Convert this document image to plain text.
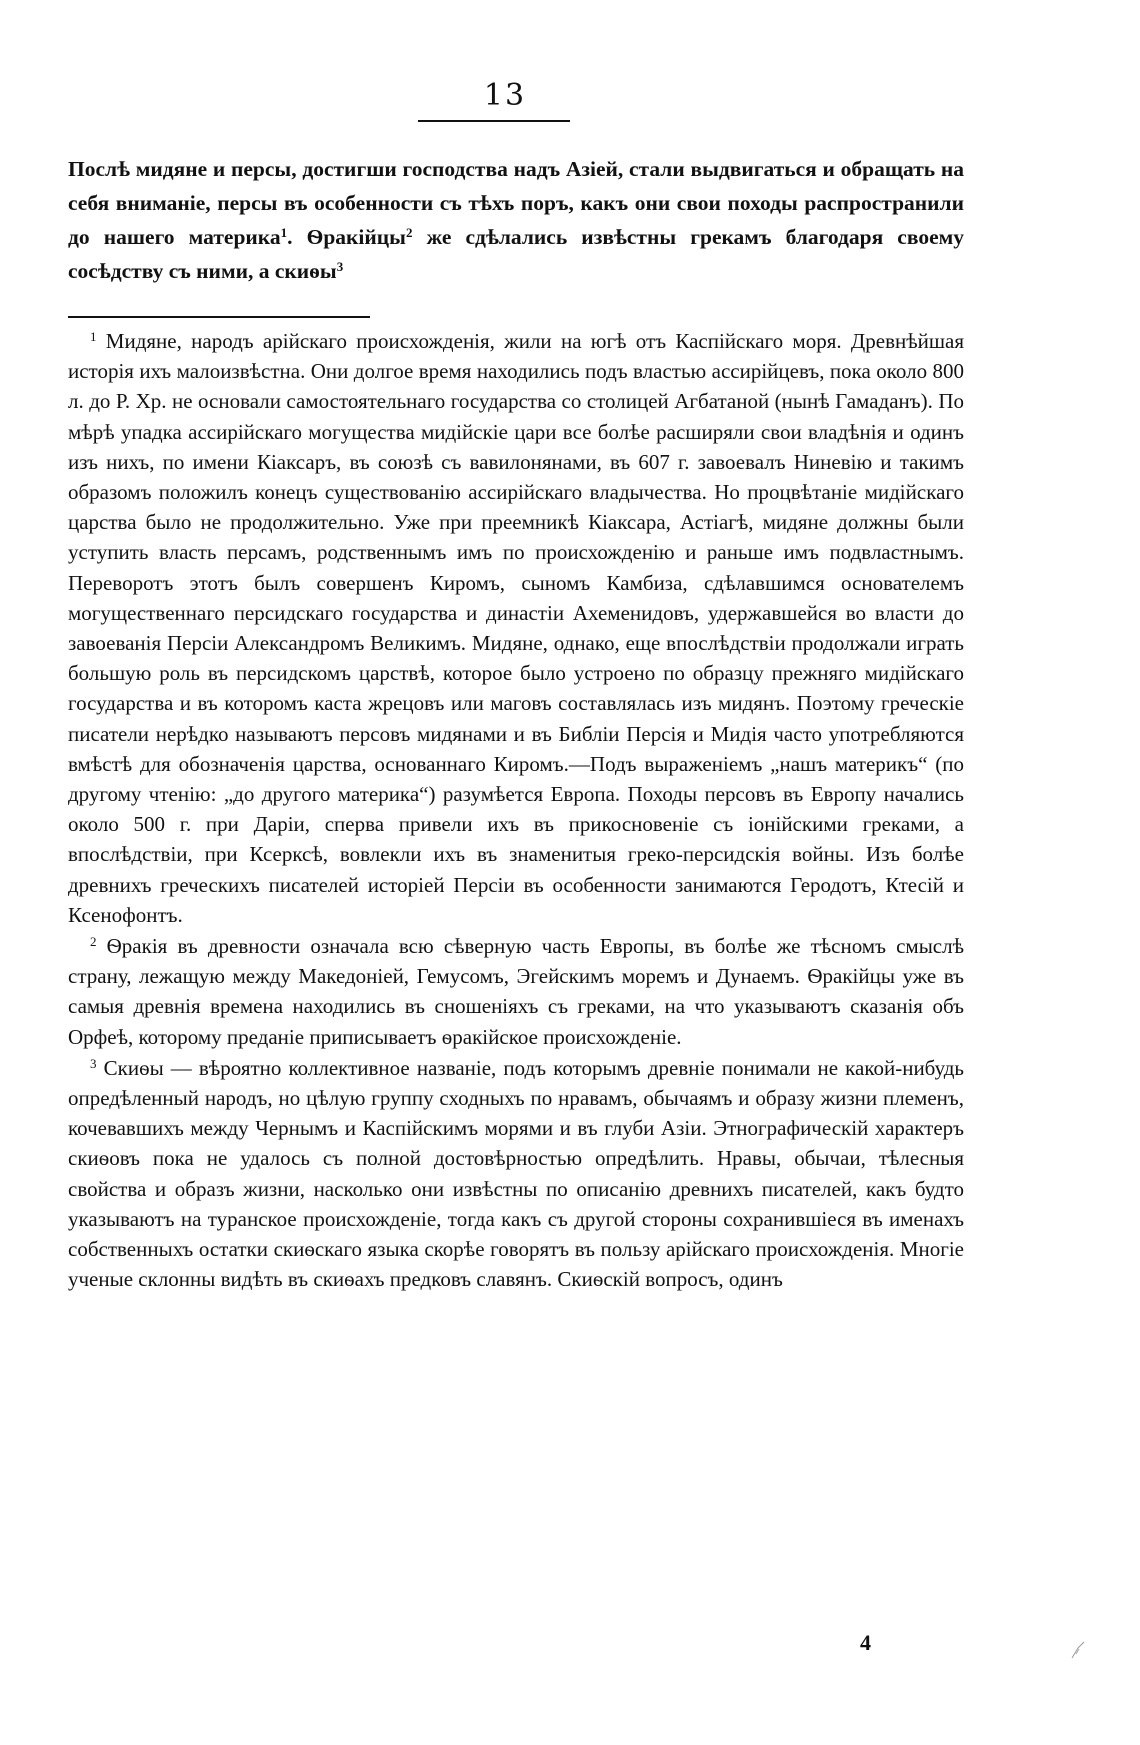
13

Послѣ мидяне и персы, достигши господства надъ Азіей, стали выдвигаться и обращать на себя вниманіе, персы въ особенности съ тѣхъ поръ, какъ они свои походы распространили до нашего материка$^1$. Ѳракійцы$^2$ же сдѣлались извѣстны грекамъ благодаря своему сосѣдству съ ними, а скиѳы$^3$

$^1$ Мидяне, народъ арійскаго происхожденія, жили на югѣ отъ Каспійскаго моря. Древнѣйшая исторія ихъ малоизвѣстна. Они долгое время находились подъ властью ассирійцевъ, пока около 800 л. до Р. Хр. не основали самостоятельнаго государства со столицей Агбатаной (нынѣ Гамаданъ). По мѣрѣ упадка ассирійскаго могущества мидійскіе цари все болѣе расширяли свои владѣнія и одинъ изъ нихъ, по имени Кіаксаръ, въ союзѣ съ вавилонянами, въ 607 г. завоевалъ Ниневію и такимъ образомъ положилъ конецъ существованію ассирійскаго владычества. Но процвѣтаніе мидійскаго царства было не продолжительно. Уже при преемникѣ Кіаксара, Астіагѣ, мидяне должны были уступить власть персамъ, родственнымъ имъ по происхожденію и раньше имъ подвластнымъ. Переворотъ этотъ былъ совершенъ Киромъ, сыномъ Камбиза, сдѣлавшимся основателемъ могущественнаго персидскаго государства и династіи Ахеменидовъ, удержавшейся во власти до завоеванія Персіи Александромъ Великимъ. Мидяне, однако, еще впослѣдствіи продолжали играть большую роль въ персидскомъ царствѣ, которое было устроено по образцу прежняго мидійскаго государства и въ которомъ каста жрецовъ или маговъ составлялась изъ мидянъ. Поэтому греческіе писатели нерѣдко называютъ персовъ мидянами и въ Библіи Персія и Мидія часто употребляются вмѣстѣ для обозначенія царства, основаннаго Киромъ.—Подъ выраженіемъ „нашъ материкъ“ (по другому чтенію: „до другого материка“) разумѣется Европа. Походы персовъ въ Европу начались около 500 г. при Даріи, сперва привели ихъ въ прикосновеніе съ іонійскими греками, а впослѣдствіи, при Ксерксѣ, вовлекли ихъ въ знаменитыя греко-персидскія войны. Изъ болѣе древнихъ греческихъ писателей исторіей Персіи въ особенности занимаются Геродотъ, Ктесій и Ксенофонтъ.

$^2$ Ѳракія въ древности означала всю сѣверную часть Европы, въ болѣе же тѣсномъ смыслѣ страну, лежащую между Македоніей, Гемусомъ, Эгейскимъ моремъ и Дунаемъ. Ѳракійцы уже въ самыя древнія времена находились въ сношеніяхъ съ греками, на что указываютъ сказанія объ Орфеѣ, которому преданіе приписываетъ ѳракійское происхожденіе.

$^3$ Скиѳы — вѣроятно коллективное названіе, подъ которымъ древніе понимали не какой-нибудь опредѣленный народъ, но цѣлую группу сходныхъ по нравамъ, обычаямъ и образу жизни племенъ, кочевавшихъ между Чернымъ и Каспійскимъ морями и въ глуби Азіи. Этнографическій характеръ скиѳовъ пока не удалось съ полной достовѣрностью опредѣлить. Нравы, обычаи, тѣлесныя свойства и образъ жизни, насколько они извѣстны по описанію древнихъ писателей, какъ будто указываютъ на туранское происхожденіе, тогда какъ съ другой стороны сохранившіеся въ именахъ собственныхъ остатки скиѳскаго языка скорѣе говорятъ въ пользу арійскаго происхожденія. Многіе ученые склонны видѣть въ скиѳахъ предковъ славянъ. Скиѳскій вопросъ, одинъ

4
